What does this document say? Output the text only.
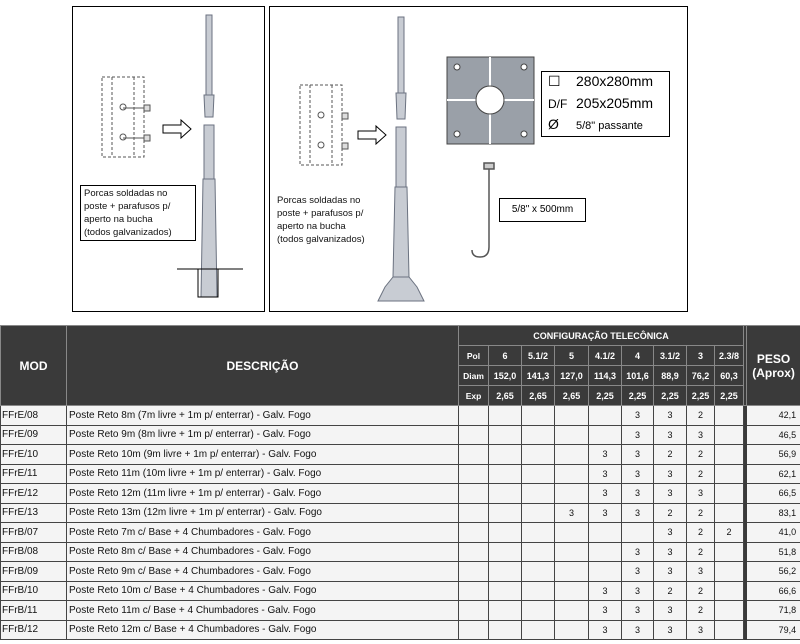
Porcas soldadas no
poste + parafusos p/
aperto na bucha
(todos galvanizados)
Porcas soldadas no
poste + parafusos p/
aperto na bucha
(todos galvanizados)
☐ 280x280mm
D/F 205x205mm
Ø 5/8" passante
5/8" x 500mm
MOD	DESCRIÇÃO	CONFIGURAÇÃO TELECÔNICA										PESO
(Aprox)
		Pol	6	5.1/2	5	4.1/2	4	3.1/2	3	2.3/8		
		Diam	152,0	141,3	127,0	114,3	101,6	88,9	76,2	60,3		
		Exp	2,65	2,65	2,65	2,25	2,25	2,25	2,25	2,25		
FFrE/08	Poste Reto 8m (7m livre + 1m p/ enterrar) - Galv. Fogo						3	3	2			42,1
FFrE/09	Poste Reto 9m (8m livre + 1m p/ enterrar) - Galv. Fogo						3	3	3			46,5
FFrE/10	Poste Reto 10m (9m livre + 1m p/ enterrar) - Galv. Fogo					3	3	2	2			56,9
FFrE/11	Poste Reto 11m (10m livre + 1m p/ enterrar) - Galv. Fogo					3	3	3	2			62,1
FFrE/12	Poste Reto 12m (11m livre + 1m p/ enterrar) - Galv. Fogo					3	3	3	3			66,5
FFrE/13	Poste Reto 13m (12m livre + 1m p/ enterrar) - Galv. Fogo				3	3	3	2	2			83,1
FFrB/07	Poste Reto 7m c/ Base + 4 Chumbadores - Galv. Fogo							3	2	2		41,0
FFrB/08	Poste Reto 8m c/ Base + 4 Chumbadores - Galv. Fogo						3	3	2			51,8
FFrB/09	Poste Reto 9m c/ Base + 4 Chumbadores - Galv. Fogo						3	3	3			56,2
FFrB/10	Poste Reto 10m c/ Base + 4 Chumbadores - Galv. Fogo					3	3	2	2			66,6
FFrB/11	Poste Reto 11m c/ Base + 4 Chumbadores - Galv. Fogo					3	3	3	2			71,8
FFrB/12	Poste Reto 12m c/ Base + 4 Chumbadores - Galv. Fogo					3	3	3	3			79,4
